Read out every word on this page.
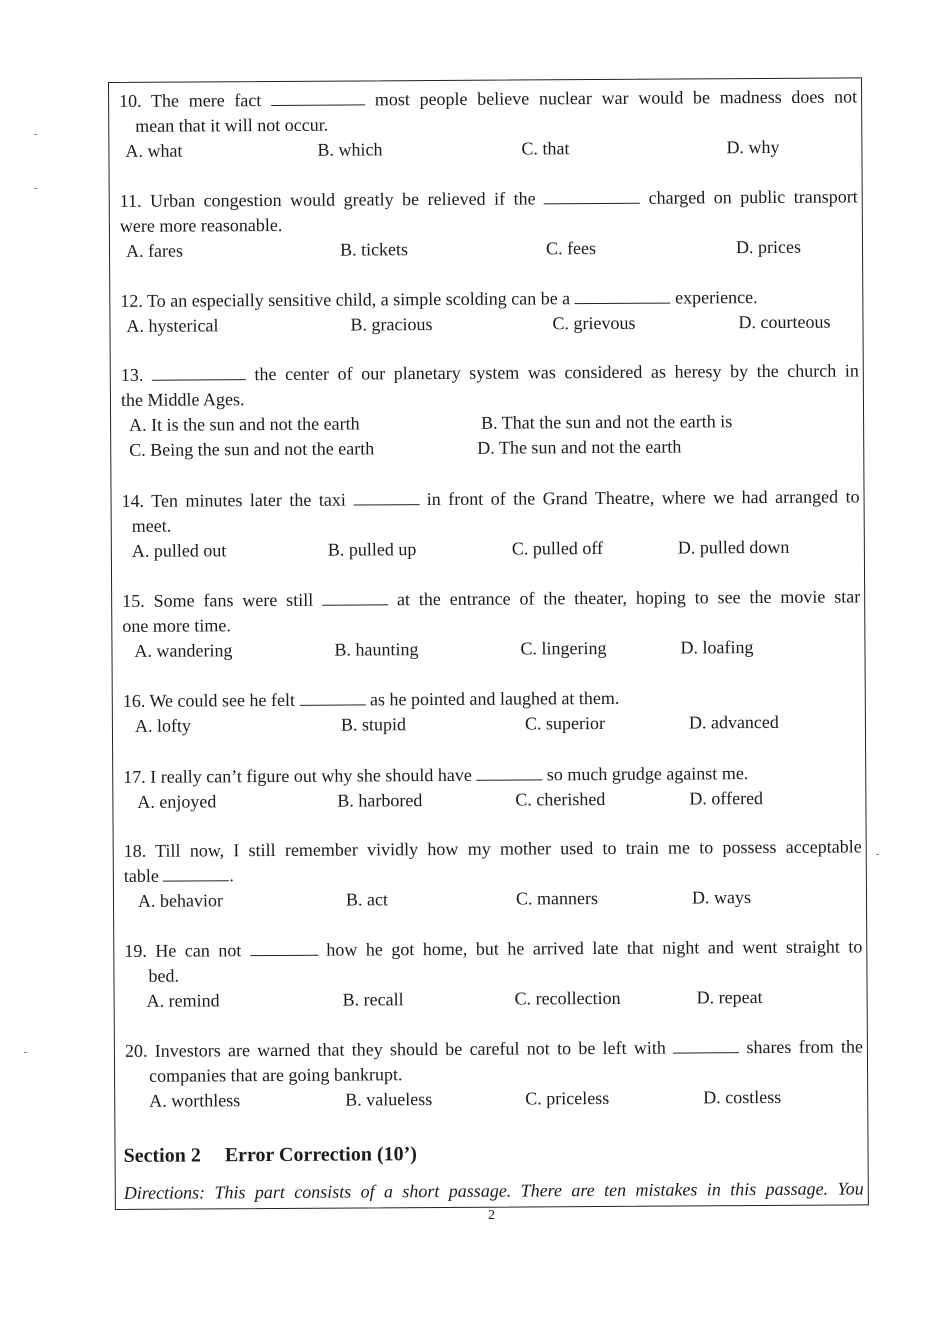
10. The mere fact	most people believe nuclear war would be madness does not
mean that it will not occur.
A. what	B. which	C. that	D. why
11. Urban congestion would greatly be relieved if the	charged on public transport
were more reasonable.
A. fares	B. tickets	C. fees	D. prices
12. To an especially sensitive child, a simple scolding can be a	experience.
A. hysterical	B. gracious	C. grievous	D. courteous
13.	the center of our planetary system was considered as heresy by the church in
the Middle Ages.
A. It is the sun and not the earth	B. That the sun and not the earth is
C. Being the sun and not the earth	D. The sun and not the earth
14. Ten minutes later the taxi	in front of the Grand Theatre, where we had arranged to
meet.
A. pulled out	B. pulled up	C. pulled off	D. pulled down
15. Some fans were still	at the entrance of the theater, hoping to see the movie star
one more time.
A. wandering	B. haunting	C. lingering	D. loafing
16. We could see he felt	as he pointed and laughed at them.
A. lofty	B. stupid	C. superior	D. advanced
17. I really can’t figure out why she should have	so much grudge against me.
A. enjoyed	B. harbored	C. cherished	D. offered
18. Till now, I still remember vividly how my mother used to train me to possess acceptable
table	.
A. behavior	B. act	C. manners	D. ways
19. He can not	how he got home, but he arrived late that night and went straight to
bed.
A. remind	B. recall	C. recollection	D. repeat
20. Investors are warned that they should be careful not to be left with	shares from the
companies that are going bankrupt.
A. worthless	B. valueless	C. priceless	D. costless
Section 2 Error Correction (10’)
Directions: This part consists of a short passage. There are ten mistakes in this passage. You
2
